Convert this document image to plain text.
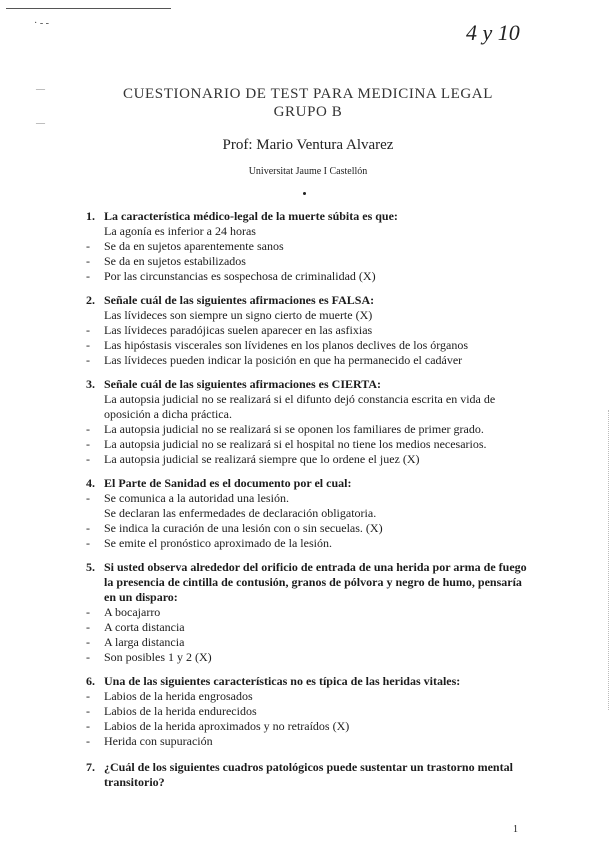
· - -
—
—
4 y 10
CUESTIONARIO DE TEST PARA MEDICINA LEGAL
GRUPO B
Prof: Mario Ventura Alvarez
Universitat Jaume I Castellón
1. La característica médico-legal de la muerte súbita es que:
La agonía es inferior a 24 horas
- Se da en sujetos aparentemente sanos
- Se da en sujetos estabilizados
- Por las circunstancias es sospechosa de criminalidad (X)
2. Señale cuál de las siguientes afirmaciones es FALSA:
Las lívideces son siempre un signo cierto de muerte (X)
- Las lívideces paradójicas suelen aparecer en las asfixias
- Las hipóstasis viscerales son lívidenes en los planos declives de los órganos
- Las lívideces pueden indicar la posición en que ha permanecido el cadáver
3. Señale cuál de las siguientes afirmaciones es CIERTA:
La autopsia judicial no se realizará si el difunto dejó constancia escrita en vida de
oposición a dicha práctica.
- La autopsia judicial no se realizará si se oponen los familiares de primer grado.
- La autopsia judicial no se realizará si el hospital no tiene los medios necesarios.
- La autopsia judicial se realizará siempre que lo ordene el juez (X)
4. El Parte de Sanidad es el documento por el cual:
- Se comunica a la autoridad una lesión.
Se declaran las enfermedades de declaración obligatoria.
- Se indica la curación de una lesión con o sin secuelas. (X)
- Se emite el pronóstico aproximado de la lesión.
5. Si usted observa alrededor del orificio de entrada de una herida por arma de fuego la presencia de cintilla de contusión, granos de pólvora y negro de humo, pensaría en un disparo:
- A bocajarro
- A corta distancia
- A larga distancia
- Son posibles 1 y 2 (X)
6. Una de las siguientes características no es típica de las heridas vitales:
- Labios de la herida engrosados
- Labios de la herida endurecidos
- Labios de la herida aproximados y no retraídos (X)
- Herida con supuración
7. ¿Cuál de los siguientes cuadros patológicos puede sustentar un trastorno mental transitorio?
1
